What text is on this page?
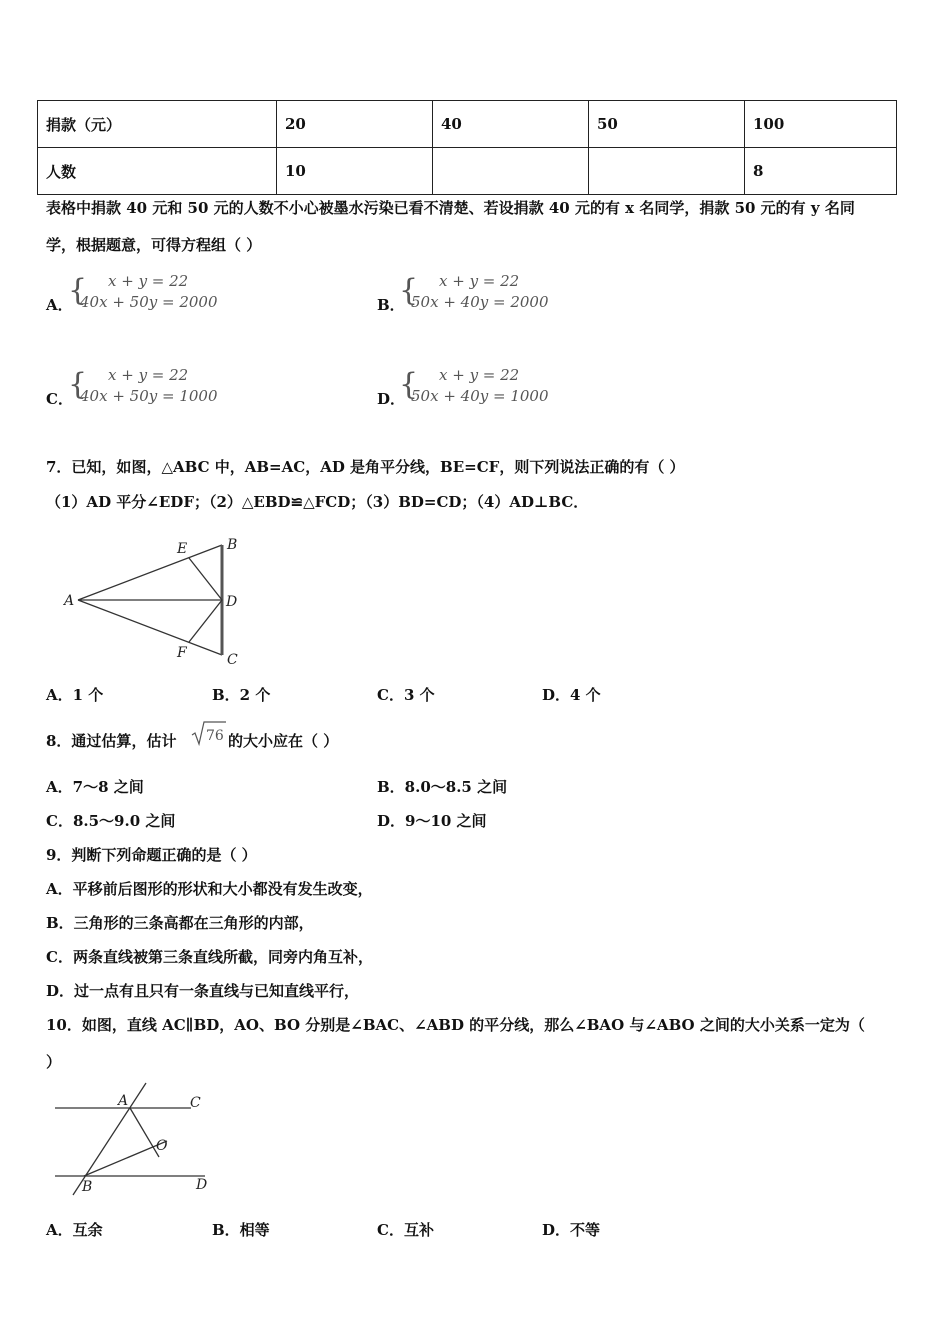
捐款（元）	20	40	50	100
人数	10			8
表格中捐款 40 元和 50 元的人数不小心被墨水污染已看不清楚、若设捐款 40 元的有 x 名同学，捐款 50 元的有 y 名同
学，根据题意，可得方程组（ ）
A．
{ x + y = 22
40x + 50y = 2000	B．
{ x + y = 22
50x + 40y = 2000
C．
{ x + y = 22
40x + 50y = 1000	D．
{ x + y = 22
50x + 40y = 1000
7．已知，如图，△ABC 中，AB=AC，AD 是角平分线，BE=CF，则下列说法正确的有（ ）
（1）AD 平分∠EDF；（2）△EBD≌△FCD；（3）BD=CD；（4）AD⊥BC．
A
B
C
D
E
F
A．1 个	B．2 个	C．3 个	D．4 个
8．通过估算，估计 76 的大小应在（ ）
A．7～8 之间	B．8.0～8.5 之间
C．8.5～9.0 之间	D．9～10 之间
9．判断下列命题正确的是（ ）
A．平移前后图形的形状和大小都没有发生改变，
B．三角形的三条高都在三角形的内部，
C．两条直线被第三条直线所截，同旁内角互补，
D．过一点有且只有一条直线与已知直线平行，
10．如图，直线 AC∥BD，AO、BO 分别是∠BAC、∠ABD 的平分线，那么∠BAO 与∠ABO 之间的大小关系一定为（
）
A	C
B	D
O
A．互余	B．相等	C．互补	D．不等
